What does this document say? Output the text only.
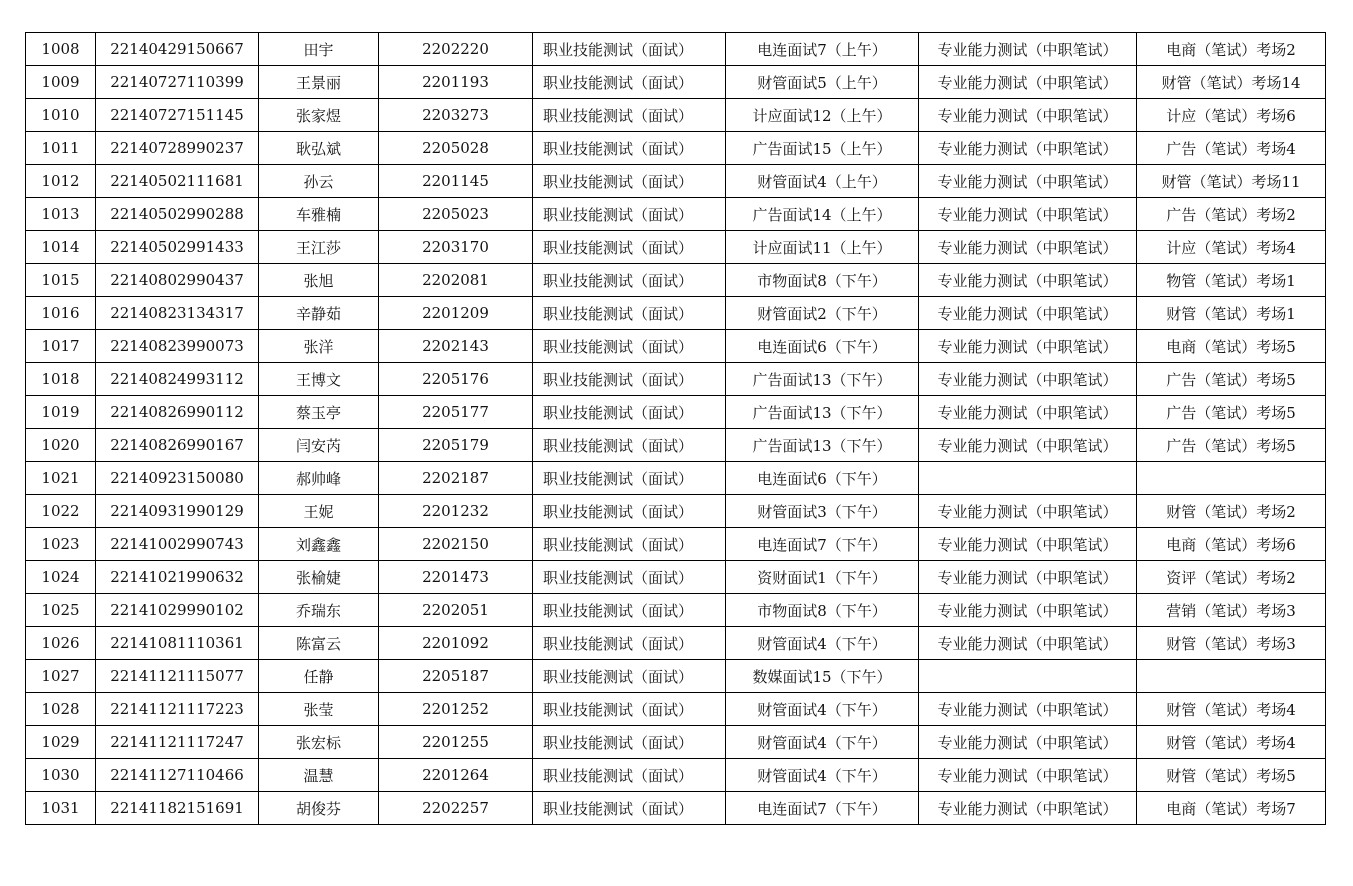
1008	22140429150667	田宇	2202220	职业技能测试（面试）	电连面试7（上午）	专业能力测试（中职笔试）	电商（笔试）考场2
1009	22140727110399	王景丽	2201193	职业技能测试（面试）	财管面试5（上午）	专业能力测试（中职笔试）	财管（笔试）考场14
1010	22140727151145	张家煜	2203273	职业技能测试（面试）	计应面试12（上午）	专业能力测试（中职笔试）	计应（笔试）考场6
1011	22140728990237	耿弘斌	2205028	职业技能测试（面试）	广告面试15（上午）	专业能力测试（中职笔试）	广告（笔试）考场4
1012	22140502111681	孙云	2201145	职业技能测试（面试）	财管面试4（上午）	专业能力测试（中职笔试）	财管（笔试）考场11
1013	22140502990288	车雅楠	2205023	职业技能测试（面试）	广告面试14（上午）	专业能力测试（中职笔试）	广告（笔试）考场2
1014	22140502991433	王江莎	2203170	职业技能测试（面试）	计应面试11（上午）	专业能力测试（中职笔试）	计应（笔试）考场4
1015	22140802990437	张旭	2202081	职业技能测试（面试）	市物面试8（下午）	专业能力测试（中职笔试）	物管（笔试）考场1
1016	22140823134317	辛静茹	2201209	职业技能测试（面试）	财管面试2（下午）	专业能力测试（中职笔试）	财管（笔试）考场1
1017	22140823990073	张洋	2202143	职业技能测试（面试）	电连面试6（下午）	专业能力测试（中职笔试）	电商（笔试）考场5
1018	22140824993112	王博文	2205176	职业技能测试（面试）	广告面试13（下午）	专业能力测试（中职笔试）	广告（笔试）考场5
1019	22140826990112	蔡玉亭	2205177	职业技能测试（面试）	广告面试13（下午）	专业能力测试（中职笔试）	广告（笔试）考场5
1020	22140826990167	闫安芮	2205179	职业技能测试（面试）	广告面试13（下午）	专业能力测试（中职笔试）	广告（笔试）考场5
1021	22140923150080	郝帅峰	2202187	职业技能测试（面试）	电连面试6（下午）		
1022	22140931990129	王妮	2201232	职业技能测试（面试）	财管面试3（下午）	专业能力测试（中职笔试）	财管（笔试）考场2
1023	22141002990743	刘鑫鑫	2202150	职业技能测试（面试）	电连面试7（下午）	专业能力测试（中职笔试）	电商（笔试）考场6
1024	22141021990632	张榆婕	2201473	职业技能测试（面试）	资财面试1（下午）	专业能力测试（中职笔试）	资评（笔试）考场2
1025	22141029990102	乔瑞东	2202051	职业技能测试（面试）	市物面试8（下午）	专业能力测试（中职笔试）	营销（笔试）考场3
1026	22141081110361	陈富云	2201092	职业技能测试（面试）	财管面试4（下午）	专业能力测试（中职笔试）	财管（笔试）考场3
1027	22141121115077	任静	2205187	职业技能测试（面试）	数媒面试15（下午）		
1028	22141121117223	张莹	2201252	职业技能测试（面试）	财管面试4（下午）	专业能力测试（中职笔试）	财管（笔试）考场4
1029	22141121117247	张宏标	2201255	职业技能测试（面试）	财管面试4（下午）	专业能力测试（中职笔试）	财管（笔试）考场4
1030	22141127110466	温慧	2201264	职业技能测试（面试）	财管面试4（下午）	专业能力测试（中职笔试）	财管（笔试）考场5
1031	22141182151691	胡俊芬	2202257	职业技能测试（面试）	电连面试7（下午）	专业能力测试（中职笔试）	电商（笔试）考场7
